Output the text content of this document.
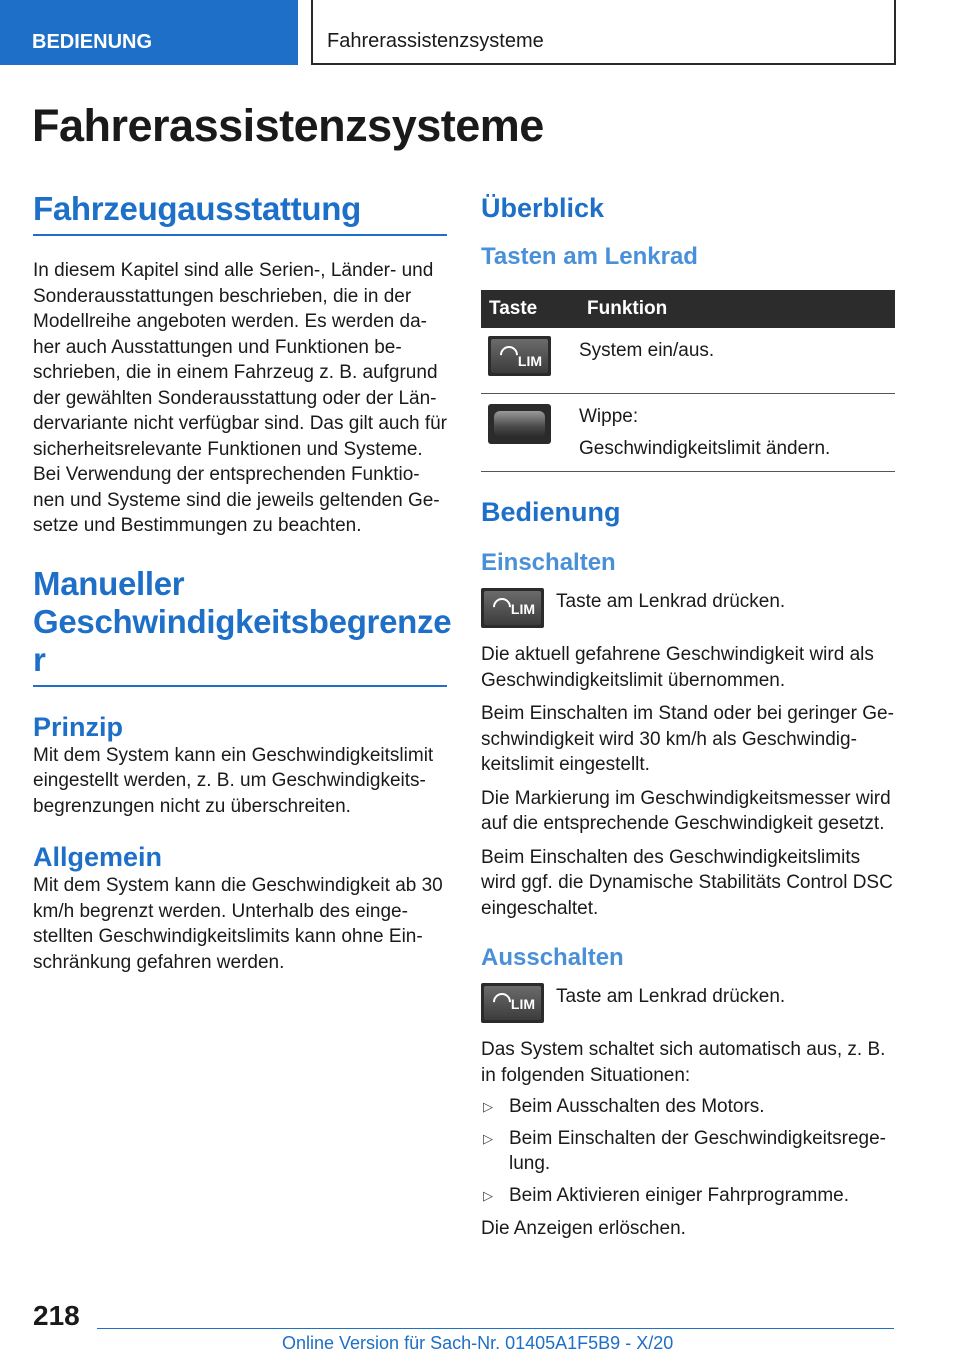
BEDIENUNG	Fahrerassistenzsysteme
Fahrerassistenzsysteme
Fahrzeugausstattung

In diesem Kapitel sind alle Serien-, Länder- und Sonderausstattungen beschrieben, die in der Modellreihe angeboten werden. Es werden da-her auch Ausstattungen und Funktionen be-schrieben, die in einem Fahrzeug z. B. aufgrund der gewählten Sonderausstattung oder der Län-dervariante nicht verfügbar sind. Das gilt auch für sicherheitsrelevante Funktionen und Systeme. Bei Verwendung der entsprechenden Funktio-nen und Systeme sind die jeweils geltenden Ge-setze und Bestimmungen zu beachten.

Manueller Geschwindigkeitsbegrenze r
Prinzip

Mit dem System kann ein Geschwindigkeitslimit eingestellt werden, z. B. um Geschwindigkeits-begrenzungen nicht zu überschreiten.

Allgemein

Mit dem System kann die Geschwindigkeit ab 30 km/h begrenzt werden. Unterhalb des einge-stellten Geschwindigkeitslimits kann ohne Ein-schränkung gefahren werden.

Überblick
Tasten am Lenkrad
Taste	Funktion

LIM	System ein/aus.

	Wippe:

Geschwindigkeitslimit ändern.

Bedienung
Einschalten
LIM Taste am Lenkrad drücken.

Die aktuell gefahrene Geschwindigkeit wird als Geschwindigkeitslimit übernommen.

Beim Einschalten im Stand oder bei geringer Ge-schwindigkeit wird 30 km/h als Geschwindig-keitslimit eingestellt.

Die Markierung im Geschwindigkeitsmesser wird auf die entsprechende Geschwindigkeit gesetzt.

Beim Einschalten des Geschwindigkeitslimits wird ggf. die Dynamische Stabilitäts Control DSC eingeschaltet.

Ausschalten
LIM Taste am Lenkrad drücken.

Das System schaltet sich automatisch aus, z. B. in folgenden Situationen:

▷ Beim Ausschalten des Motors.
▷ Beim Einschalten der Geschwindigkeitsrege-lung.
▷ Beim Aktivieren einiger Fahrprogramme.

Die Anzeigen erlöschen.

218
Online Version für Sach-Nr. 01405A1F5B9 - X/20
